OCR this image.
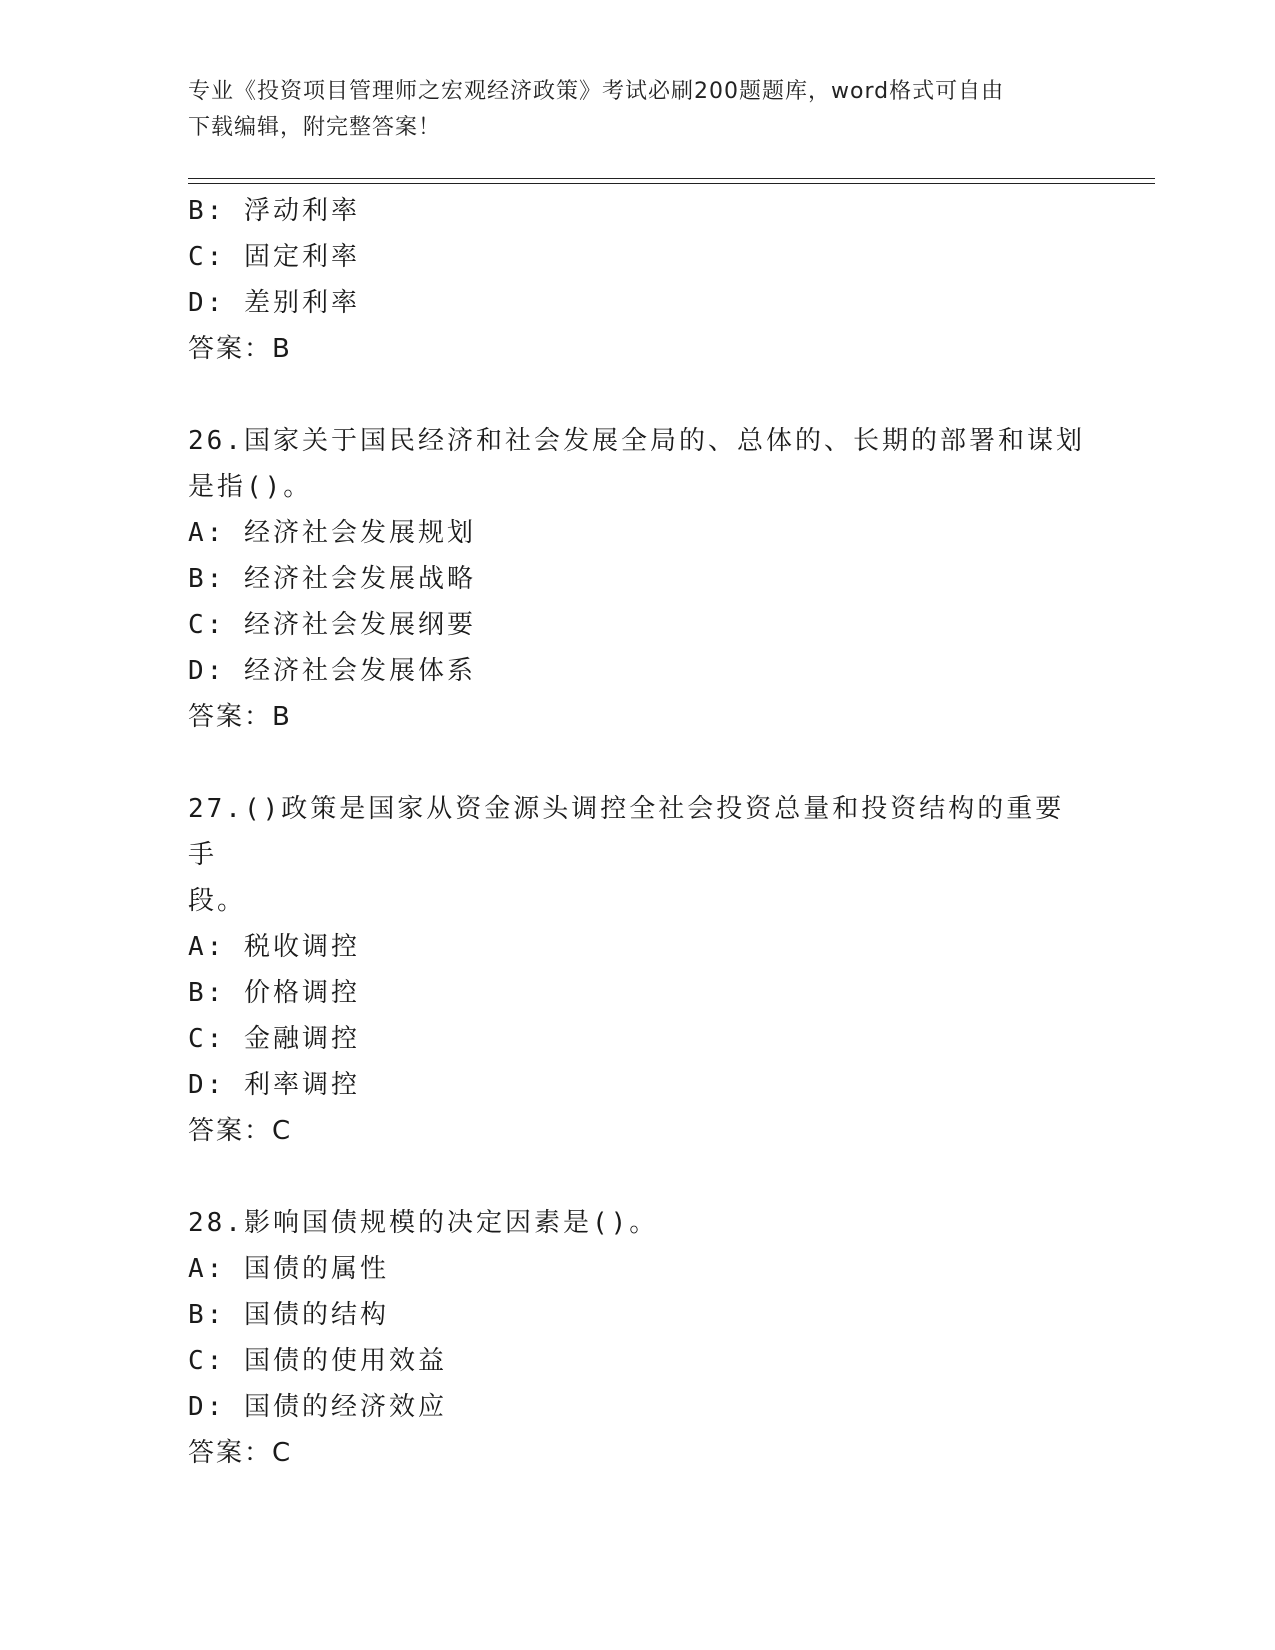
专业《投资项目管理师之宏观经济政策》考试必刷200题题库，word格式可自由
下载编辑，附完整答案！
B: 浮动利率
C: 固定利率
D: 差别利率
答案：B
26.国家关于国民经济和社会发展全局的、总体的、长期的部署和谋划
是指()。
A: 经济社会发展规划
B: 经济社会发展战略
C: 经济社会发展纲要
D: 经济社会发展体系
答案：B
27.()政策是国家从资金源头调控全社会投资总量和投资结构的重要手
段。
A: 税收调控
B: 价格调控
C: 金融调控
D: 利率调控
答案：C
28.影响国债规模的决定因素是()。
A: 国债的属性
B: 国债的结构
C: 国债的使用效益
D: 国债的经济效应
答案：C
